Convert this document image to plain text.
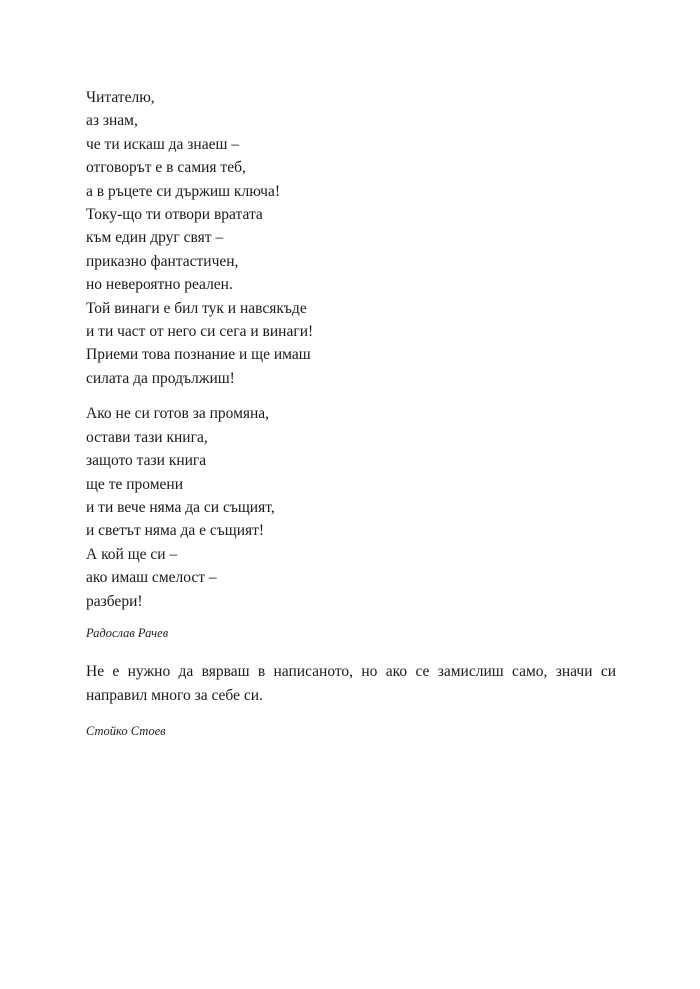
Читателю,
аз знам,
че ти искаш да знаеш –
отговорът е в самия теб,
а в ръцете си държиш ключа!
Току-що ти отвори вратата
към един друг свят –
приказно фантастичен,
но невероятно реален.
Той винаги е бил тук и навсякъде
и ти част от него си сега и винаги!
Приеми това познание и ще имаш
силата да продължиш!

Ако не си готов за промяна,
остави тази книга,
защото тази книга
ще те промени
и ти вече няма да си същият,
и светът няма да е същият!
А кой ще си –
ако имаш смелост –
разбери!

Радослав Рачев

Не е нужно да вярваш в написаното, но ако се замислиш само, значи си направил много за себе си.

Стойко Стоев
